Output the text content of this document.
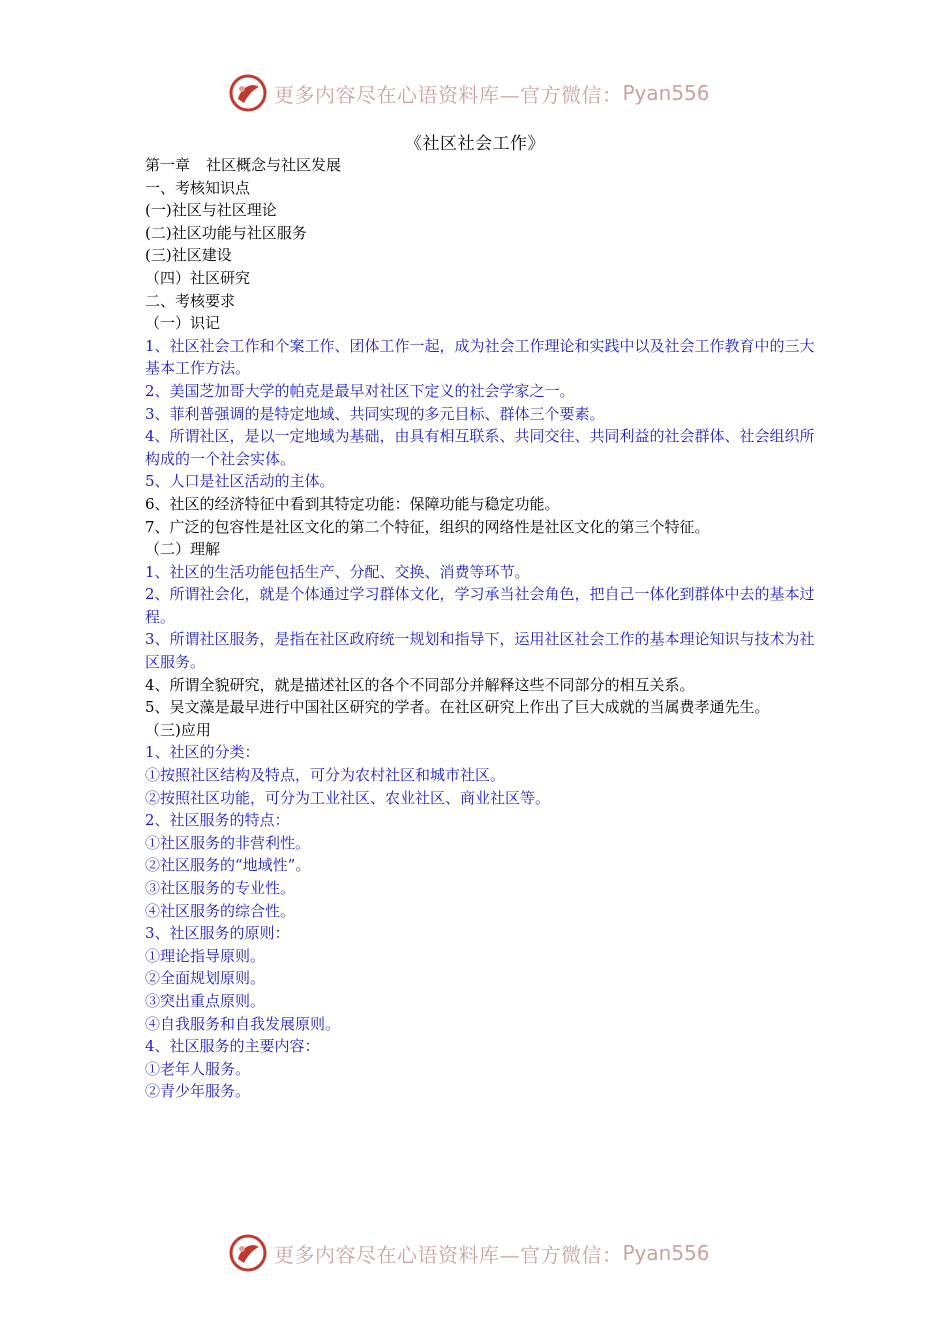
更多内容尽在心语资料库—官方微信： Pyan556
《社区社会工作》
第一章 社区概念与社区发展
一、考核知识点
(一)社区与社区理论
(二)社区功能与社区服务
(三)社区建设
（四）社区研究
二、考核要求
（一）识记
1、社区社会工作和个案工作、团体工作一起，成为社会工作理论和实践中以及社会工作教育中的三大基本工作方法。
2、美国芝加哥大学的帕克是最早对社区下定义的社会学家之一。
3、菲利普强调的是特定地域、共同实现的多元目标、群体三个要素。
4、所谓社区，是以一定地域为基础，由具有相互联系、共同交往、共同利益的社会群体、社会组织所构成的一个社会实体。
5、人口是社区活动的主体。
6、社区的经济特征中看到其特定功能：保障功能与稳定功能。
7、广泛的包容性是社区文化的第二个特征，组织的网络性是社区文化的第三个特征。
（二）理解
1、社区的生活功能包括生产、分配、交换、消费等环节。
2、所谓社会化，就是个体通过学习群体文化，学习承当社会角色，把自己一体化到群体中去的基本过程。
3、所谓社区服务，是指在社区政府统一规划和指导下，运用社区社会工作的基本理论知识与技术为社区服务。
4、所谓全貌研究，就是描述社区的各个不同部分并解释这些不同部分的相互关系。
5、吴文藻是最早进行中国社区研究的学者。在社区研究上作出了巨大成就的当属费孝通先生。
（三)应用
1、社区的分类：
①按照社区结构及特点，可分为农村社区和城市社区。
②按照社区功能，可分为工业社区、农业社区、商业社区等。
2、社区服务的特点：
①社区服务的非营利性。
②社区服务的“地域性”。
③社区服务的专业性。
④社区服务的综合性。
3、社区服务的原则：
①理论指导原则。
②全面规划原则。
③突出重点原则。
④自我服务和自我发展原则。
4、社区服务的主要内容：
①老年人服务。
②青少年服务。
更多内容尽在心语资料库—官方微信： Pyan556
